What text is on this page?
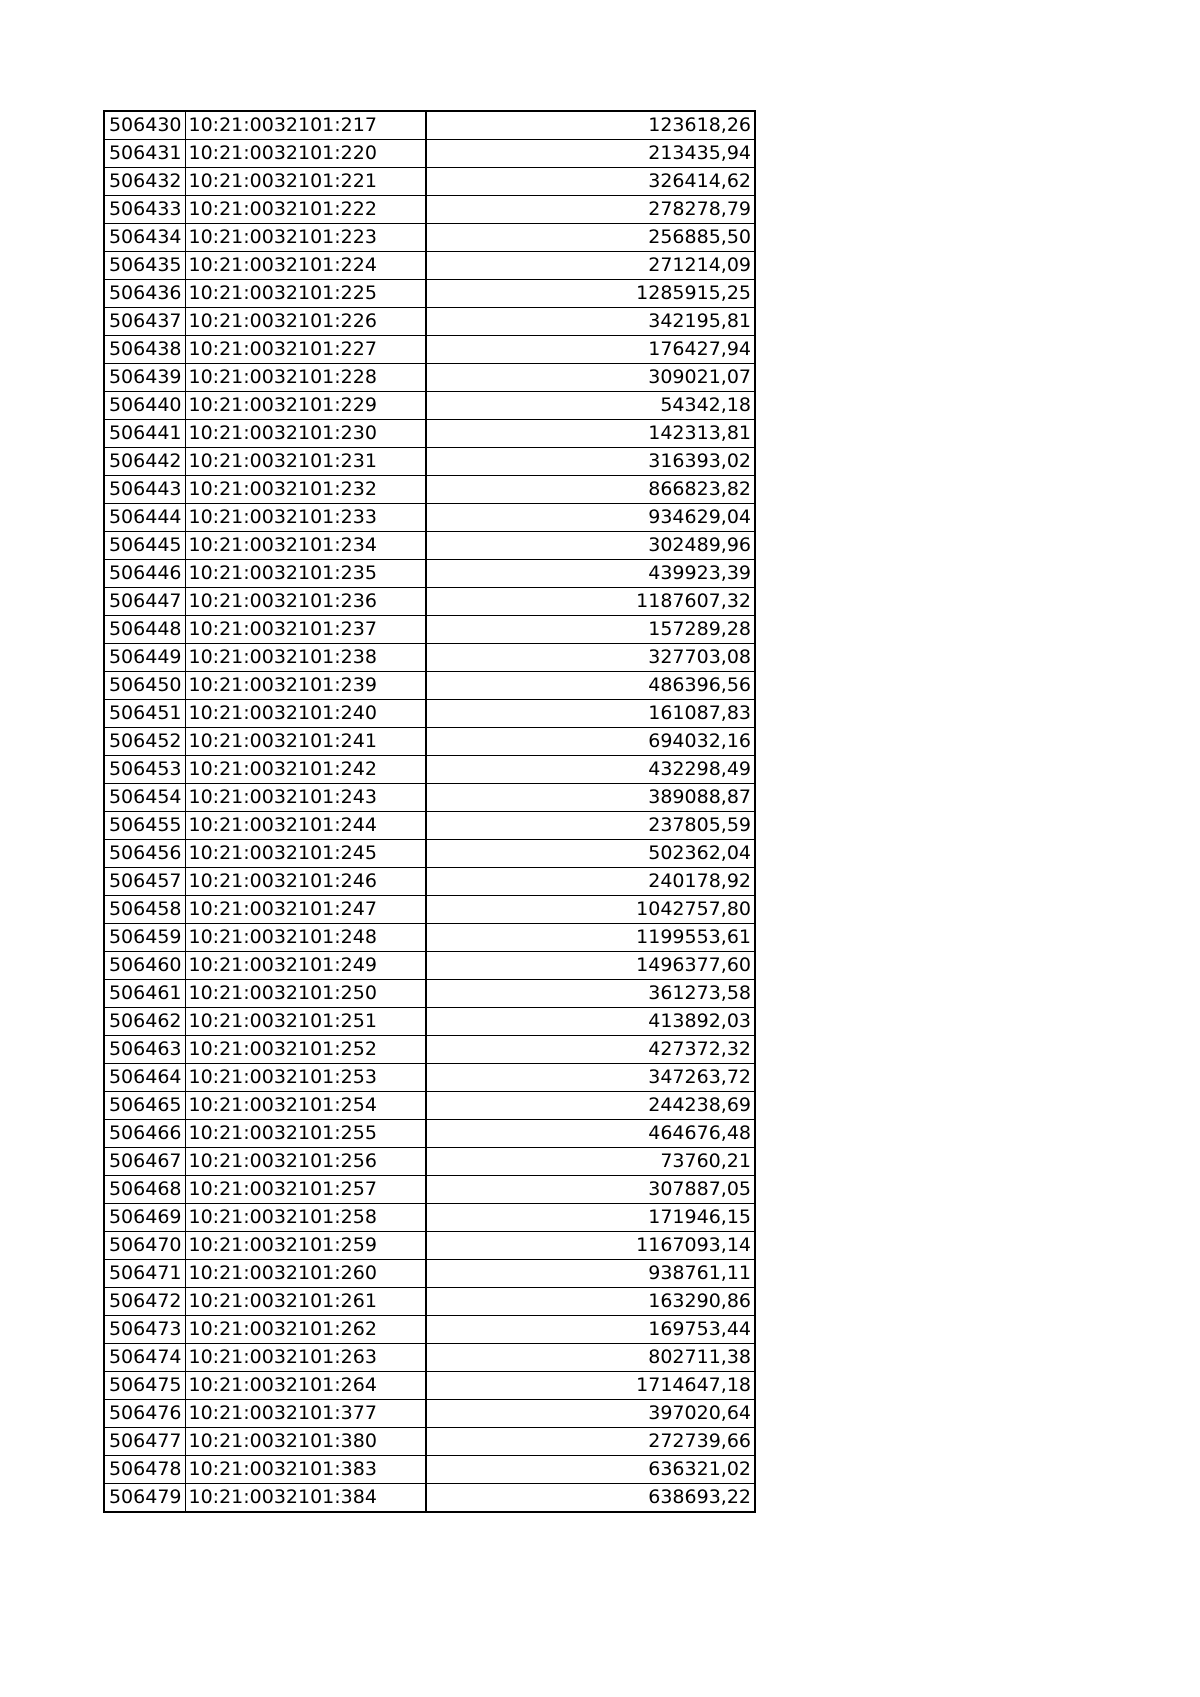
506430	10:21:0032101:217	123618,26
506431	10:21:0032101:220	213435,94
506432	10:21:0032101:221	326414,62
506433	10:21:0032101:222	278278,79
506434	10:21:0032101:223	256885,50
506435	10:21:0032101:224	271214,09
506436	10:21:0032101:225	1285915,25
506437	10:21:0032101:226	342195,81
506438	10:21:0032101:227	176427,94
506439	10:21:0032101:228	309021,07
506440	10:21:0032101:229	54342,18
506441	10:21:0032101:230	142313,81
506442	10:21:0032101:231	316393,02
506443	10:21:0032101:232	866823,82
506444	10:21:0032101:233	934629,04
506445	10:21:0032101:234	302489,96
506446	10:21:0032101:235	439923,39
506447	10:21:0032101:236	1187607,32
506448	10:21:0032101:237	157289,28
506449	10:21:0032101:238	327703,08
506450	10:21:0032101:239	486396,56
506451	10:21:0032101:240	161087,83
506452	10:21:0032101:241	694032,16
506453	10:21:0032101:242	432298,49
506454	10:21:0032101:243	389088,87
506455	10:21:0032101:244	237805,59
506456	10:21:0032101:245	502362,04
506457	10:21:0032101:246	240178,92
506458	10:21:0032101:247	1042757,80
506459	10:21:0032101:248	1199553,61
506460	10:21:0032101:249	1496377,60
506461	10:21:0032101:250	361273,58
506462	10:21:0032101:251	413892,03
506463	10:21:0032101:252	427372,32
506464	10:21:0032101:253	347263,72
506465	10:21:0032101:254	244238,69
506466	10:21:0032101:255	464676,48
506467	10:21:0032101:256	73760,21
506468	10:21:0032101:257	307887,05
506469	10:21:0032101:258	171946,15
506470	10:21:0032101:259	1167093,14
506471	10:21:0032101:260	938761,11
506472	10:21:0032101:261	163290,86
506473	10:21:0032101:262	169753,44
506474	10:21:0032101:263	802711,38
506475	10:21:0032101:264	1714647,18
506476	10:21:0032101:377	397020,64
506477	10:21:0032101:380	272739,66
506478	10:21:0032101:383	636321,02
506479	10:21:0032101:384	638693,22
